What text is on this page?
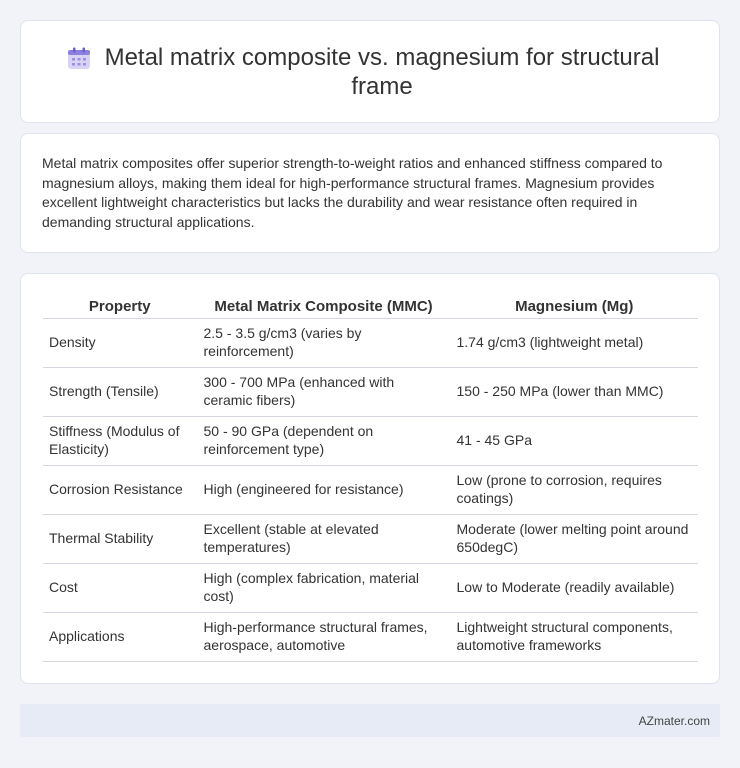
Metal matrix composite vs. magnesium for structural frame

Metal matrix composites offer superior strength-to-weight ratios and enhanced stiffness compared to magnesium alloys, making them ideal for high-performance structural frames. Magnesium provides excellent lightweight characteristics but lacks the durability and wear resistance often required in demanding structural applications.

Property	Metal Matrix Composite (MMC)	Magnesium (Mg)
Density	2.5 - 3.5 g/cm3 (varies by reinforcement)	1.74 g/cm3 (lightweight metal)
Strength (Tensile)	300 - 700 MPa (enhanced with ceramic fibers)	150 - 250 MPa (lower than MMC)
Stiffness (Modulus of Elasticity)	50 - 90 GPa (dependent on reinforcement type)	41 - 45 GPa
Corrosion Resistance	High (engineered for resistance)	Low (prone to corrosion, requires coatings)
Thermal Stability	Excellent (stable at elevated temperatures)	Moderate (lower melting point around 650degC)
Cost	High (complex fabrication, material cost)	Low to Moderate (readily available)
Applications	High-performance structural frames, aerospace, automotive	Lightweight structural components, automotive frameworks
AZmater.com
